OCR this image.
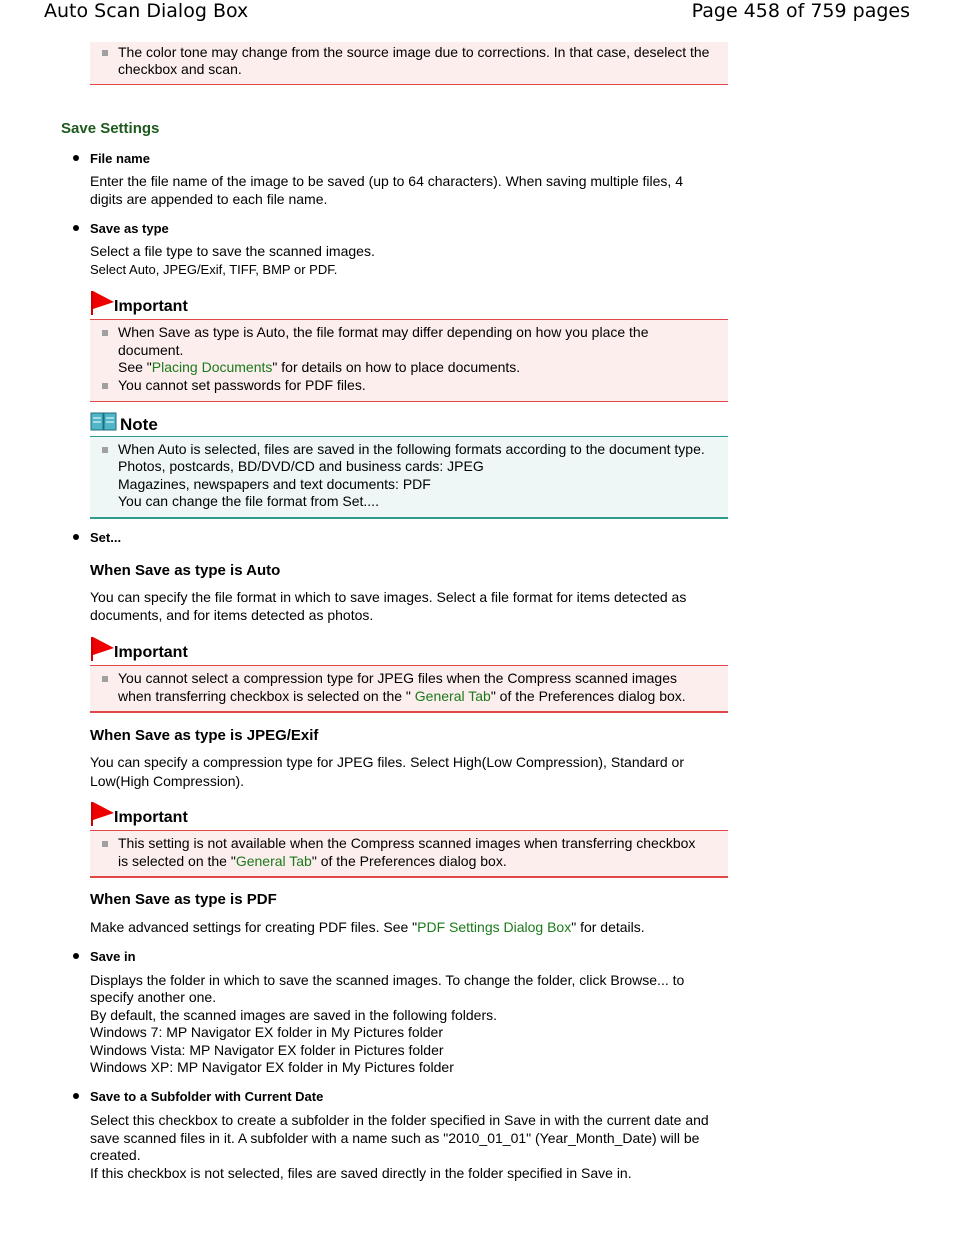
Auto Scan Dialog Box	Page 458 of 759 pages
The color tone may change from the source image due to corrections. In that case, deselect the
checkbox and scan.
Save Settings
File name
Enter the file name of the image to be saved (up to 64 characters). When saving multiple files, 4
digits are appended to each file name.
Save as type
Select a file type to save the scanned images.
Select Auto, JPEG/Exif, TIFF, BMP or PDF.
Important
When Save as type is Auto, the file format may differ depending on how you place the
document.
See "Placing Documents" for details on how to place documents.
You cannot set passwords for PDF files.
Note
When Auto is selected, files are saved in the following formats according to the document type.
Photos, postcards, BD/DVD/CD and business cards: JPEG
Magazines, newspapers and text documents: PDF
You can change the file format from Set....
Set...
When Save as type is Auto
You can specify the file format in which to save images. Select a file format for items detected as
documents, and for items detected as photos.
Important
You cannot select a compression type for JPEG files when the Compress scanned images
when transferring checkbox is selected on the " General Tab" of the Preferences dialog box.
When Save as type is JPEG/Exif
You can specify a compression type for JPEG files. Select High(Low Compression), Standard or
Low(High Compression).
Important
This setting is not available when the Compress scanned images when transferring checkbox
is selected on the "General Tab" of the Preferences dialog box.
When Save as type is PDF
Make advanced settings for creating PDF files. See "PDF Settings Dialog Box" for details.
Save in
Displays the folder in which to save the scanned images. To change the folder, click Browse... to
specify another one.
By default, the scanned images are saved in the following folders.
Windows 7: MP Navigator EX folder in My Pictures folder
Windows Vista: MP Navigator EX folder in Pictures folder
Windows XP: MP Navigator EX folder in My Pictures folder
Save to a Subfolder with Current Date
Select this checkbox to create a subfolder in the folder specified in Save in with the current date and
save scanned files in it. A subfolder with a name such as "2010_01_01" (Year_Month_Date) will be
created.
If this checkbox is not selected, files are saved directly in the folder specified in Save in.
